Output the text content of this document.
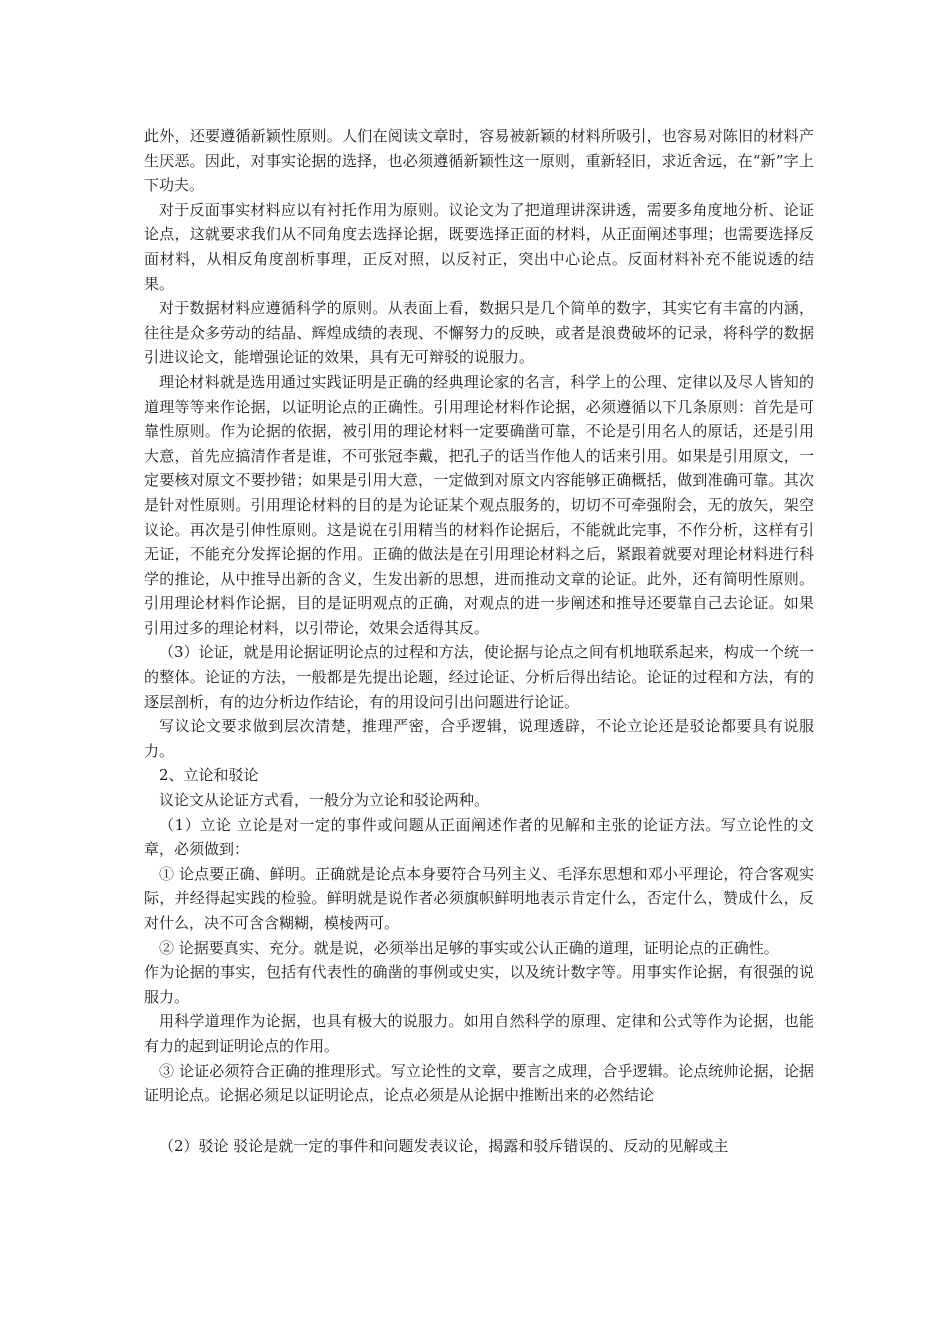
此外，还要遵循新颖性原则。人们在阅读文章时，容易被新颖的材料所吸引，也容易对陈旧的材料产生厌恶。因此，对事实论据的选择，也必须遵循新颖性这一原则，重新轻旧，求近舍远，在“新”字上下功夫。

对于反面事实材料应以有衬托作用为原则。议论文为了把道理讲深讲透，需要多角度地分析、论证论点，这就要求我们从不同角度去选择论据，既要选择正面的材料，从正面阐述事理；也需要选择反面材料，从相反角度剖析事理，正反对照，以反衬正，突出中心论点。反面材料补充不能说透的结果。

对于数据材料应遵循科学的原则。从表面上看，数据只是几个简单的数字，其实它有丰富的内涵，往往是众多劳动的结晶、辉煌成绩的表现、不懈努力的反映，或者是浪费破坏的记录，将科学的数据引进议论文，能增强论证的效果，具有无可辩驳的说服力。

理论材料就是选用通过实践证明是正确的经典理论家的名言，科学上的公理、定律以及尽人皆知的道理等等来作论据，以证明论点的正确性。引用理论材料作论据，必须遵循以下几条原则：首先是可靠性原则。作为论据的依据，被引用的理论材料一定要确凿可靠，不论是引用名人的原话，还是引用大意，首先应搞清作者是谁，不可张冠李戴，把孔子的话当作他人的话来引用。如果是引用原文，一定要核对原文不要抄错；如果是引用大意，一定做到对原文内容能够正确概括，做到准确可靠。其次是针对性原则。引用理论材料的目的是为论证某个观点服务的，切切不可牵强附会，无的放矢，架空议论。再次是引伸性原则。这是说在引用精当的材料作论据后，不能就此完事，不作分析，这样有引无证，不能充分发挥论据的作用。正确的做法是在引用理论材料之后，紧跟着就要对理论材料进行科学的推论，从中推导出新的含义，生发出新的思想，进而推动文章的论证。此外，还有简明性原则。引用理论材料作论据，目的是证明观点的正确，对观点的进一步阐述和推导还要靠自己去论证。如果引用过多的理论材料，以引带论，效果会适得其反。

（3）论证，就是用论据证明论点的过程和方法，使论据与论点之间有机地联系起来，构成一个统一的整体。论证的方法，一般都是先提出论题，经过论证、分析后得出结论。论证的过程和方法，有的逐层剖析，有的边分析边作结论，有的用设问引出问题进行论证。

写议论文要求做到层次清楚，推理严密，合乎逻辑，说理透辟，不论立论还是驳论都要具有说服力。

2、立论和驳论

议论文从论证方式看，一般分为立论和驳论两种。

（1）立论 立论是对一定的事件或问题从正面阐述作者的见解和主张的论证方法。写立论性的文章，必须做到：

① 论点要正确、鲜明。正确就是论点本身要符合马列主义、毛泽东思想和邓小平理论，符合客观实际，并经得起实践的检验。鲜明就是说作者必须旗帜鲜明地表示肯定什么，否定什么，赞成什么，反对什么，决不可含含糊糊，模棱两可。

② 论据要真实、充分。就是说，必须举出足够的事实或公认正确的道理，证明论点的正确性。

作为论据的事实，包括有代表性的确凿的事例或史实，以及统计数字等。用事实作论据，有很强的说服力。

用科学道理作为论据，也具有极大的说服力。如用自然科学的原理、定律和公式等作为论据，也能有力的起到证明论点的作用。

③ 论证必须符合正确的推理形式。写立论性的文章，要言之成理，合乎逻辑。论点统帅论据，论据证明论点。论据必须足以证明论点，论点必须是从论据中推断出来的必然结论

（2）驳论 驳论是就一定的事件和问题发表议论，揭露和驳斥错误的、反动的见解或主
